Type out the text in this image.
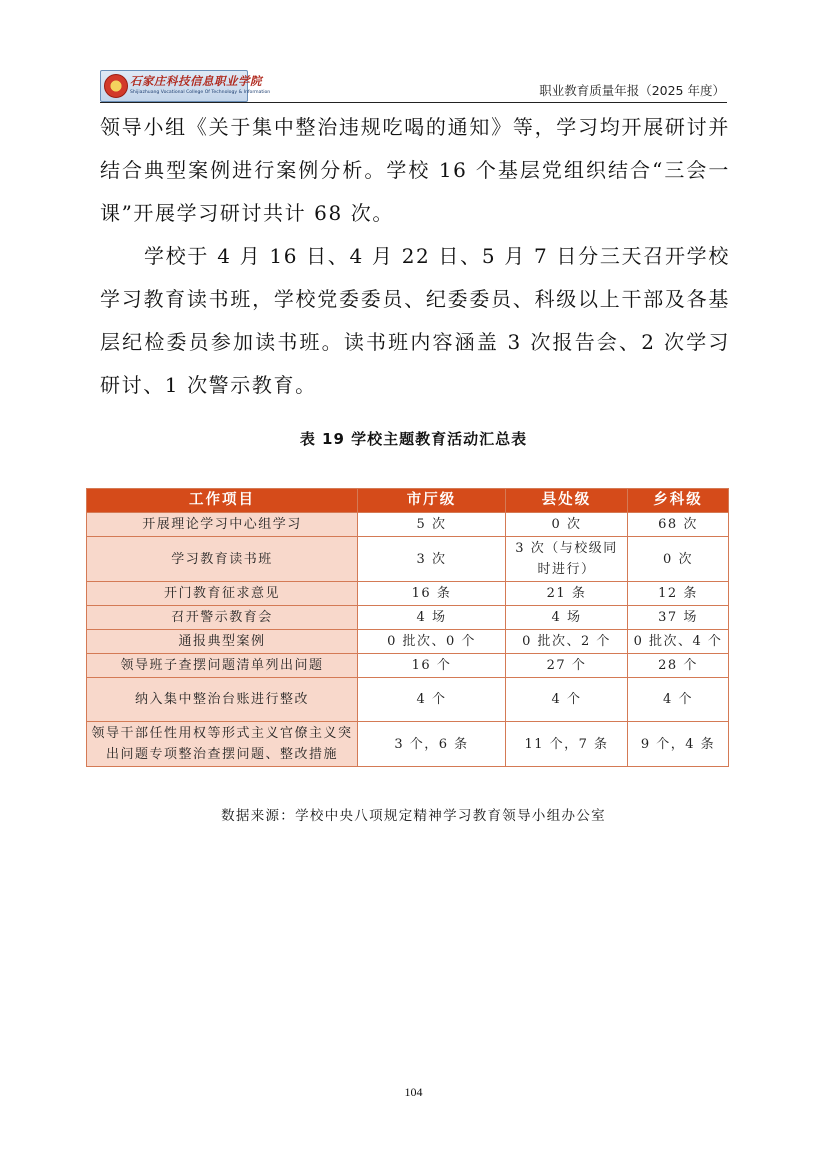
石家庄科技信息职业学院
Shijiazhuang Vocational College Of Technology & Information	职业教育质量年报（2025 年度）

领导小组《关于集中整治违规吃喝的通知》等，学习均开展研讨并结合典型案例进行案例分析。学校 16 个基层党组织结合“三会一课”开展学习研讨共计 68 次。

学校于 4 月 16 日、4 月 22 日、5 月 7 日分三天召开学校学习教育读书班，学校党委委员、纪委委员、科级以上干部及各基层纪检委员参加读书班。读书班内容涵盖 3 次报告会、2 次学习研讨、1 次警示教育。

表 19 学校主题教育活动汇总表
工作项目	市厅级	县处级	乡科级
开展理论学习中心组学习	5 次	0 次	68 次
学习教育读书班	3 次	3 次（与校级同时进行）	0 次
开门教育征求意见	16 条	21 条	12 条
召开警示教育会	4 场	4 场	37 场
通报典型案例	0 批次、0 个	0 批次、2 个	0 批次、4 个
领导班子查摆问题清单列出问题	16 个	27 个	28 个
纳入集中整治台账进行整改	4 个	4 个	4 个
领导干部任性用权等形式主义官僚主义突出问题专项整治查摆问题、整改措施	3 个，6 条	11 个，7 条	9 个，4 条
数据来源：学校中央八项规定精神学习教育领导小组办公室
104
